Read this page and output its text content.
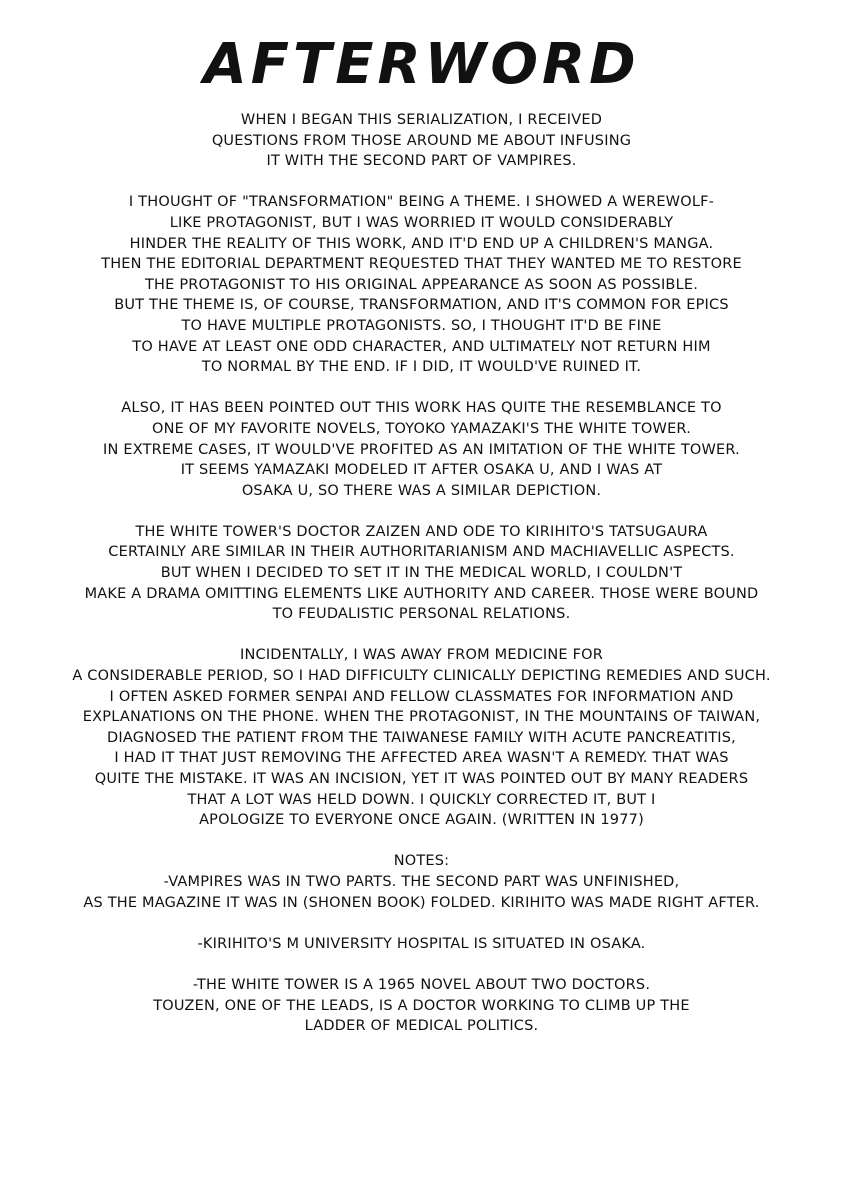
AFTERWORD
WHEN I BEGAN THIS SERIALIZATION, I RECEIVED
QUESTIONS FROM THOSE AROUND ME ABOUT INFUSING
IT WITH THE SECOND PART OF VAMPIRES.
I THOUGHT OF "TRANSFORMATION" BEING A THEME. I SHOWED A WEREWOLF-
LIKE PROTAGONIST, BUT I WAS WORRIED IT WOULD CONSIDERABLY
HINDER THE REALITY OF THIS WORK, AND IT'D END UP A CHILDREN'S MANGA.
THEN THE EDITORIAL DEPARTMENT REQUESTED THAT THEY WANTED ME TO RESTORE
THE PROTAGONIST TO HIS ORIGINAL APPEARANCE AS SOON AS POSSIBLE.
BUT THE THEME IS, OF COURSE, TRANSFORMATION, AND IT'S COMMON FOR EPICS
TO HAVE MULTIPLE PROTAGONISTS. SO, I THOUGHT IT'D BE FINE
TO HAVE AT LEAST ONE ODD CHARACTER, AND ULTIMATELY NOT RETURN HIM
TO NORMAL BY THE END. IF I DID, IT WOULD'VE RUINED IT.
ALSO, IT HAS BEEN POINTED OUT THIS WORK HAS QUITE THE RESEMBLANCE TO
ONE OF MY FAVORITE NOVELS, TOYOKO YAMAZAKI'S THE WHITE TOWER.
IN EXTREME CASES, IT WOULD'VE PROFITED AS AN IMITATION OF THE WHITE TOWER.
IT SEEMS YAMAZAKI MODELED IT AFTER OSAKA U, AND I WAS AT
OSAKA U, SO THERE WAS A SIMILAR DEPICTION.
THE WHITE TOWER'S DOCTOR ZAIZEN AND ODE TO KIRIHITO'S TATSUGAURA
CERTAINLY ARE SIMILAR IN THEIR AUTHORITARIANISM AND MACHIAVELLIC ASPECTS.
BUT WHEN I DECIDED TO SET IT IN THE MEDICAL WORLD, I COULDN'T
MAKE A DRAMA OMITTING ELEMENTS LIKE AUTHORITY AND CAREER. THOSE WERE BOUND
TO FEUDALISTIC PERSONAL RELATIONS.
INCIDENTALLY, I WAS AWAY FROM MEDICINE FOR
A CONSIDERABLE PERIOD, SO I HAD DIFFICULTY CLINICALLY DEPICTING REMEDIES AND SUCH.
I OFTEN ASKED FORMER SENPAI AND FELLOW CLASSMATES FOR INFORMATION AND
EXPLANATIONS ON THE PHONE. WHEN THE PROTAGONIST, IN THE MOUNTAINS OF TAIWAN,
DIAGNOSED THE PATIENT FROM THE TAIWANESE FAMILY WITH ACUTE PANCREATITIS,
I HAD IT THAT JUST REMOVING THE AFFECTED AREA WASN'T A REMEDY. THAT WAS
QUITE THE MISTAKE. IT WAS AN INCISION, YET IT WAS POINTED OUT BY MANY READERS
THAT A LOT WAS HELD DOWN. I QUICKLY CORRECTED IT, BUT I
APOLOGIZE TO EVERYONE ONCE AGAIN. (WRITTEN IN 1977)
NOTES:
-VAMPIRES WAS IN TWO PARTS. THE SECOND PART WAS UNFINISHED,
AS THE MAGAZINE IT WAS IN (SHONEN BOOK) FOLDED. KIRIHITO WAS MADE RIGHT AFTER.
-KIRIHITO'S M UNIVERSITY HOSPITAL IS SITUATED IN OSAKA.
-THE WHITE TOWER IS A 1965 NOVEL ABOUT TWO DOCTORS.
TOUZEN, ONE OF THE LEADS, IS A DOCTOR WORKING TO CLIMB UP THE
LADDER OF MEDICAL POLITICS.
